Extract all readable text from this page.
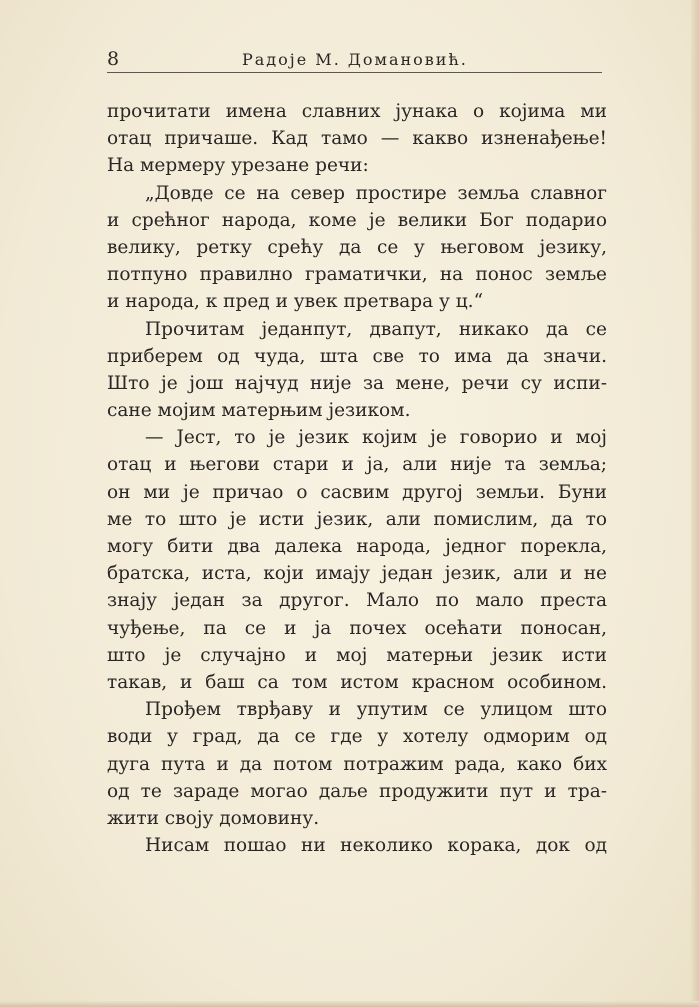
8	Радоје М. Домановић.
прочитати имена славних јунака о којима ми
отац причаше. Кад тамо — какво изненађење!
На мермеру урезане речи:
„Довде се на север простире земља славног
и срећног народа, коме је велики Бог подарио
велику, ретку срећу да се у његовом језику,
потпуно правилно граматички, на понос земље
и народа, к пред и увек претвара у ц.“
Прочитам једанпут, двапут, никако да се
приберем од чуда, шта све то има да значи.
Што је још најчуд није за мене, речи су испи-
сане мојим матерњим језиком.
— Јест, то је језик којим је говорио и мој
отац и његови стари и ја, али није та земља;
он ми је причао о сасвим другој земљи. Буни
ме то што је исти језик, али помислим, да то
могу бити два далека народа, једног порекла,
братска, иста, који имају један језик, али и не
знају један за другог. Мало по мало преста
чуђење, па се и ја почех осећати поносан,
што је случајно и мој матерњи језик исти
такав, и баш са том истом красном особином.
Прођем тврђаву и упутим се улицом што
води у град, да се где у хотелу одморим од
дуга пута и да потом потражим рада, како бих
од те зараде могао даље продужити пут и тра-
жити своју домовину.
Нисам пошао ни неколико корака, док од
